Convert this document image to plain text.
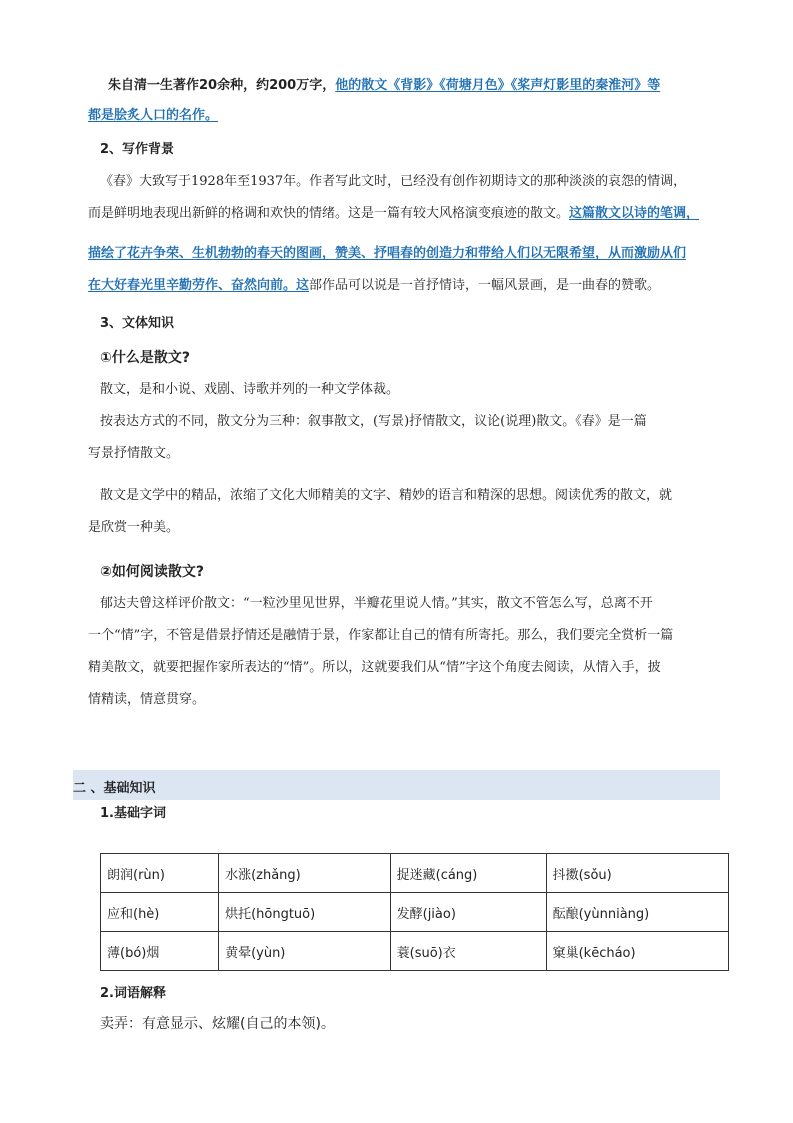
朱自清一生著作20余种，约200万字，他的散文《背影》《荷塘月色》《桨声灯影里的秦淮河》等
都是脍炙人口的名作。
2、写作背景
《春》大致写于1928年至1937年。作者写此文时，已经没有创作初期诗文的那种淡淡的哀怨的情调，
而是鲜明地表现出新鲜的格调和欢快的情绪。这是一篇有较大风格演变痕迹的散文。这篇散文以诗的笔调，
描绘了花卉争荣、生机勃勃的春天的图画，赞美、抒唱春的创造力和带给人们以无限希望，从而激励从们
在大好春光里辛勤劳作、奋然向前。这部作品可以说是一首抒情诗，一幅风景画，是一曲春的赞歌。
3、文体知识
①什么是散文?
散文，是和小说、戏剧、诗歌并列的一种文学体裁。
按表达方式的不同，散文分为三种：叙事散文，(写景)抒情散文，议论(说理)散文。《春》是一篇
写景抒情散文。
散文是文学中的精品，浓缩了文化大师精美的文字、精妙的语言和精深的思想。阅读优秀的散文，就
是欣赏一种美。
②如何阅读散文?
郁达夫曾这样评价散文：“一粒沙里见世界，半瓣花里说人情。”其实，散文不管怎么写，总离不开
一个“情”字，不管是借景抒情还是融情于景，作家都让自己的情有所寄托。那么，我们要完全赏析一篇
精美散文，就要把握作家所表达的“情”。所以，这就要我们从“情”字这个角度去阅读，从情入手，披
情精读，情意贯穿。
二 、基础知识
1.基础字词
朗润(rùn)	水涨(zhǎng)	捉迷藏(cáng)	抖擞(sǒu)
应和(hè)	烘托(hōngtuō)	发酵(jiào)	酝酿(yùnniàng)
薄(bó)烟	黄晕(yùn)	蓑(suō)衣	窠巢(kēcháo)
2.词语解释
卖弄：有意显示、炫耀(自己的本领)。
